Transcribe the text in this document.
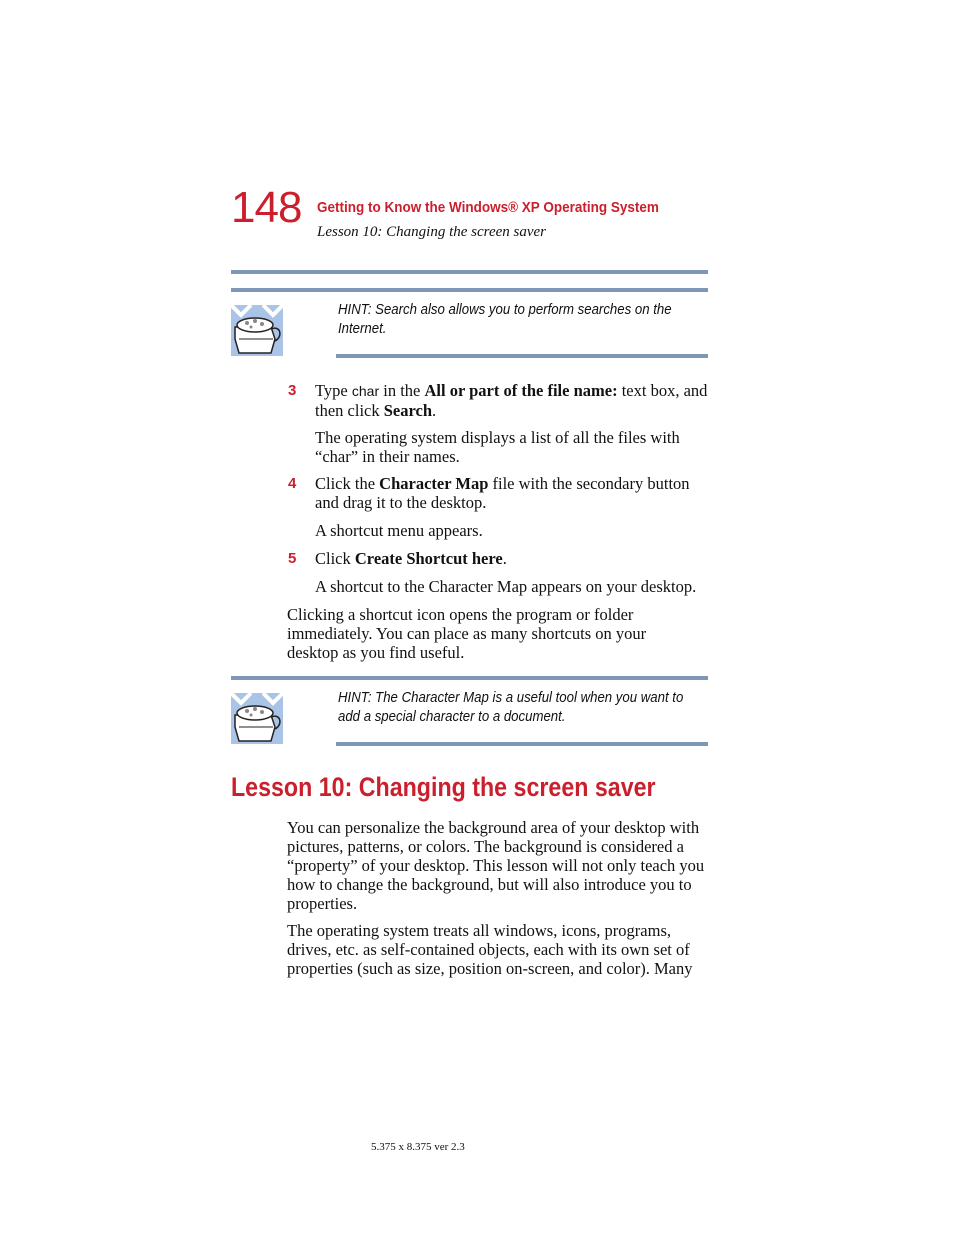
148 Getting to Know the Windows® XP Operating System
Lesson 10: Changing the screen saver
HINT: Search also allows you to perform searches on the Internet.
3 Type char in the All or part of the file name: text box, and then click Search.
The operating system displays a list of all the files with “char” in their names.
4 Click the Character Map file with the secondary button and drag it to the desktop.
A shortcut menu appears.
5 Click Create Shortcut here.
A shortcut to the Character Map appears on your desktop.
Clicking a shortcut icon opens the program or folder immediately. You can place as many shortcuts on your desktop as you find useful.
HINT: The Character Map is a useful tool when you want to add a special character to a document.
Lesson 10: Changing the screen saver
You can personalize the background area of your desktop with pictures, patterns, or colors. The background is considered a “property” of your desktop. This lesson will not only teach you how to change the background, but will also introduce you to properties.
The operating system treats all windows, icons, programs, drives, etc. as self-contained objects, each with its own set of properties (such as size, position on-screen, and color). Many
5.375 x 8.375 ver 2.3
